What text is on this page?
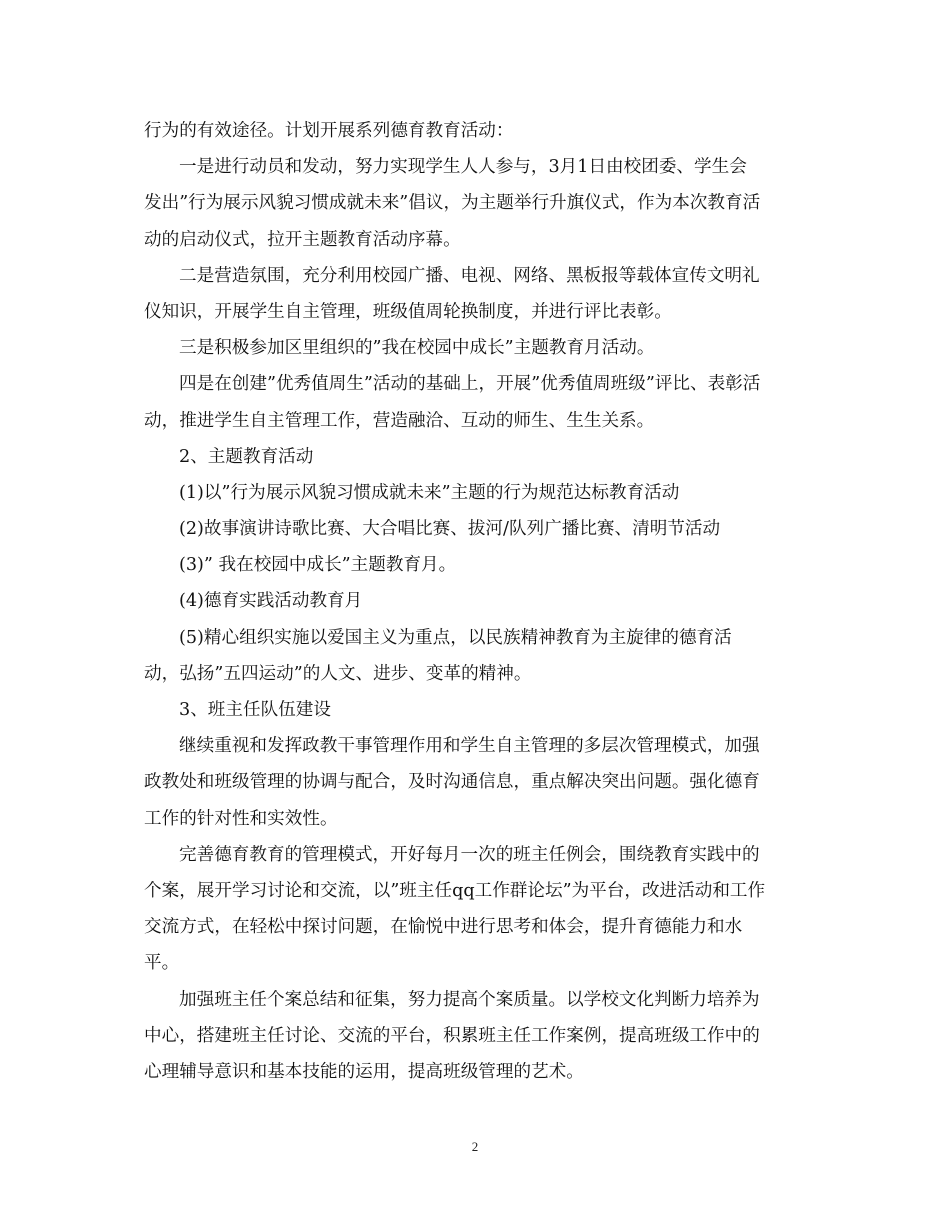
行为的有效途径。计划开展系列德育教育活动：
一是进行动员和发动，努力实现学生人人参与，3月1日由校团委、学生会
发出”行为展示风貌习惯成就未来”倡议，为主题举行升旗仪式，作为本次教育活
动的启动仪式，拉开主题教育活动序幕。
二是营造氛围，充分利用校园广播、电视、网络、黑板报等载体宣传文明礼
仪知识，开展学生自主管理，班级值周轮换制度，并进行评比表彰。
三是积极参加区里组织的”我在校园中成长”主题教育月活动。
四是在创建”优秀值周生”活动的基础上，开展”优秀值周班级”评比、表彰活
动，推进学生自主管理工作，营造融洽、互动的师生、生生关系。
2、主题教育活动
(1)以”行为展示风貌习惯成就未来”主题的行为规范达标教育活动
(2)故事演讲诗歌比赛、大合唱比赛、拔河/队列广播比赛、清明节活动
(3)” 我在校园中成长”主题教育月。
(4)德育实践活动教育月
(5)精心组织实施以爱国主义为重点，以民族精神教育为主旋律的德育活
动，弘扬”五四运动”的人文、进步、变革的精神。
3、班主任队伍建设
继续重视和发挥政教干事管理作用和学生自主管理的多层次管理模式，加强
政教处和班级管理的协调与配合，及时沟通信息，重点解决突出问题。强化德育
工作的针对性和实效性。
完善德育教育的管理模式，开好每月一次的班主任例会，围绕教育实践中的
个案，展开学习讨论和交流，以”班主任qq工作群论坛”为平台，改进活动和工作
交流方式，在轻松中探讨问题，在愉悦中进行思考和体会，提升育德能力和水
平。
加强班主任个案总结和征集，努力提高个案质量。以学校文化判断力培养为
中心，搭建班主任讨论、交流的平台，积累班主任工作案例，提高班级工作中的
心理辅导意识和基本技能的运用，提高班级管理的艺术。
2
